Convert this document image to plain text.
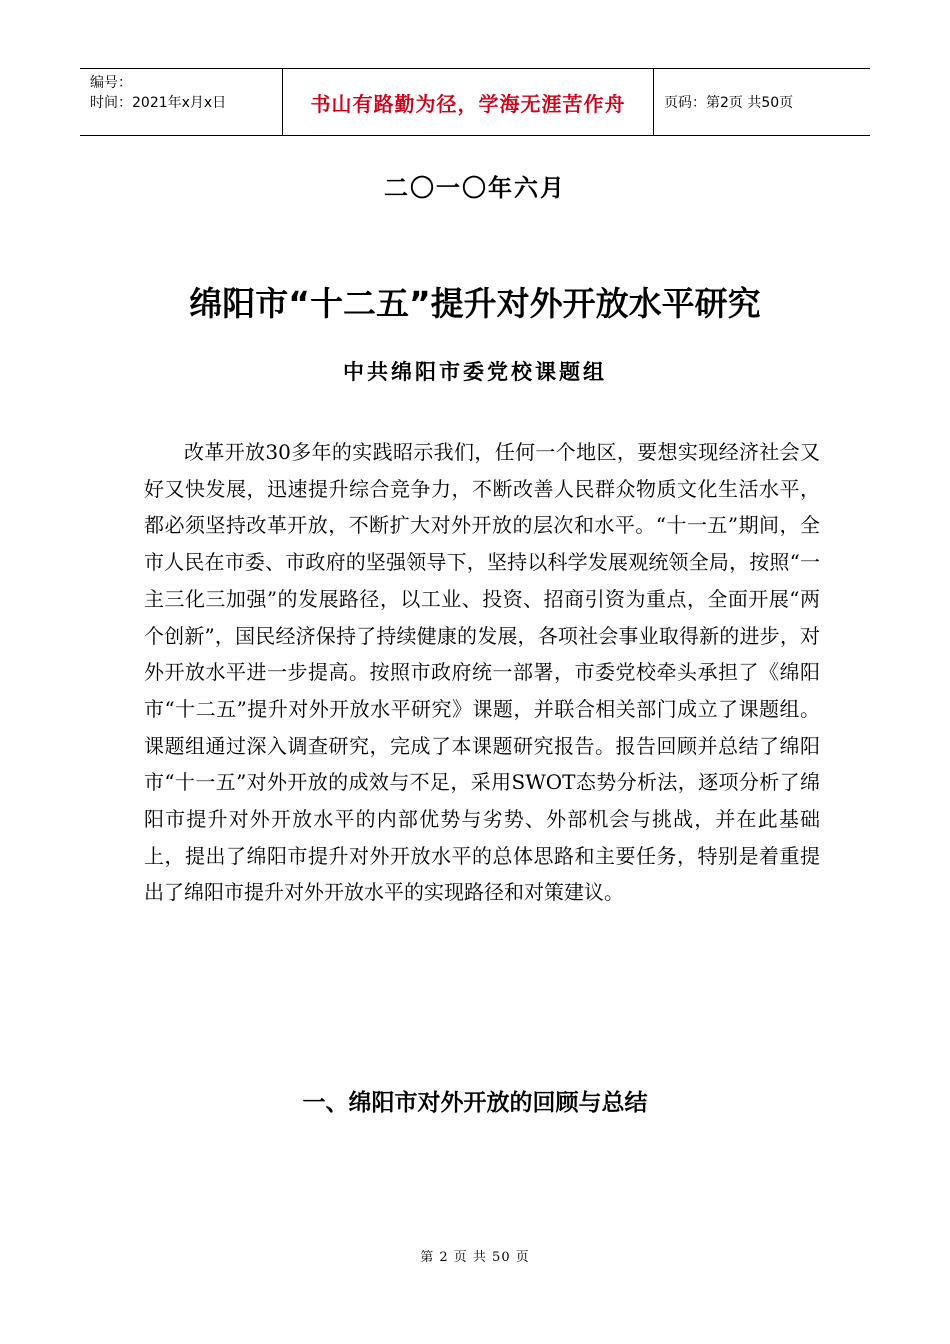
编号：
时间：2021年x月x日	书山有路勤为径，学海无涯苦作舟	页码：第2页 共50页
二〇一〇年六月
绵阳市“十二五”提升对外开放水平研究
中共绵阳市委党校课题组

改革开放30多年的实践昭示我们，任何一个地区，要想实现经济社会又好又快发展，迅速提升综合竞争力，不断改善人民群众物质文化生活水平，都必须坚持改革开放，不断扩大对外开放的层次和水平。“十一五”期间，全市人民在市委、市政府的坚强领导下，坚持以科学发展观统领全局，按照“一主三化三加强”的发展路径，以工业、投资、招商引资为重点，全面开展“两个创新”，国民经济保持了持续健康的发展，各项社会事业取得新的进步，对外开放水平进一步提高。按照市政府统一部署，市委党校牵头承担了《绵阳市“十二五”提升对外开放水平研究》课题，并联合相关部门成立了课题组。课题组通过深入调查研究，完成了本课题研究报告。报告回顾并总结了绵阳市“十一五”对外开放的成效与不足，采用SWOT态势分析法，逐项分析了绵阳市提升对外开放水平的内部优势与劣势、外部机会与挑战，并在此基础上，提出了绵阳市提升对外开放水平的总体思路和主要任务，特别是着重提出了绵阳市提升对外开放水平的实现路径和对策建议。

一、绵阳市对外开放的回顾与总结
第 2 页 共 50 页
